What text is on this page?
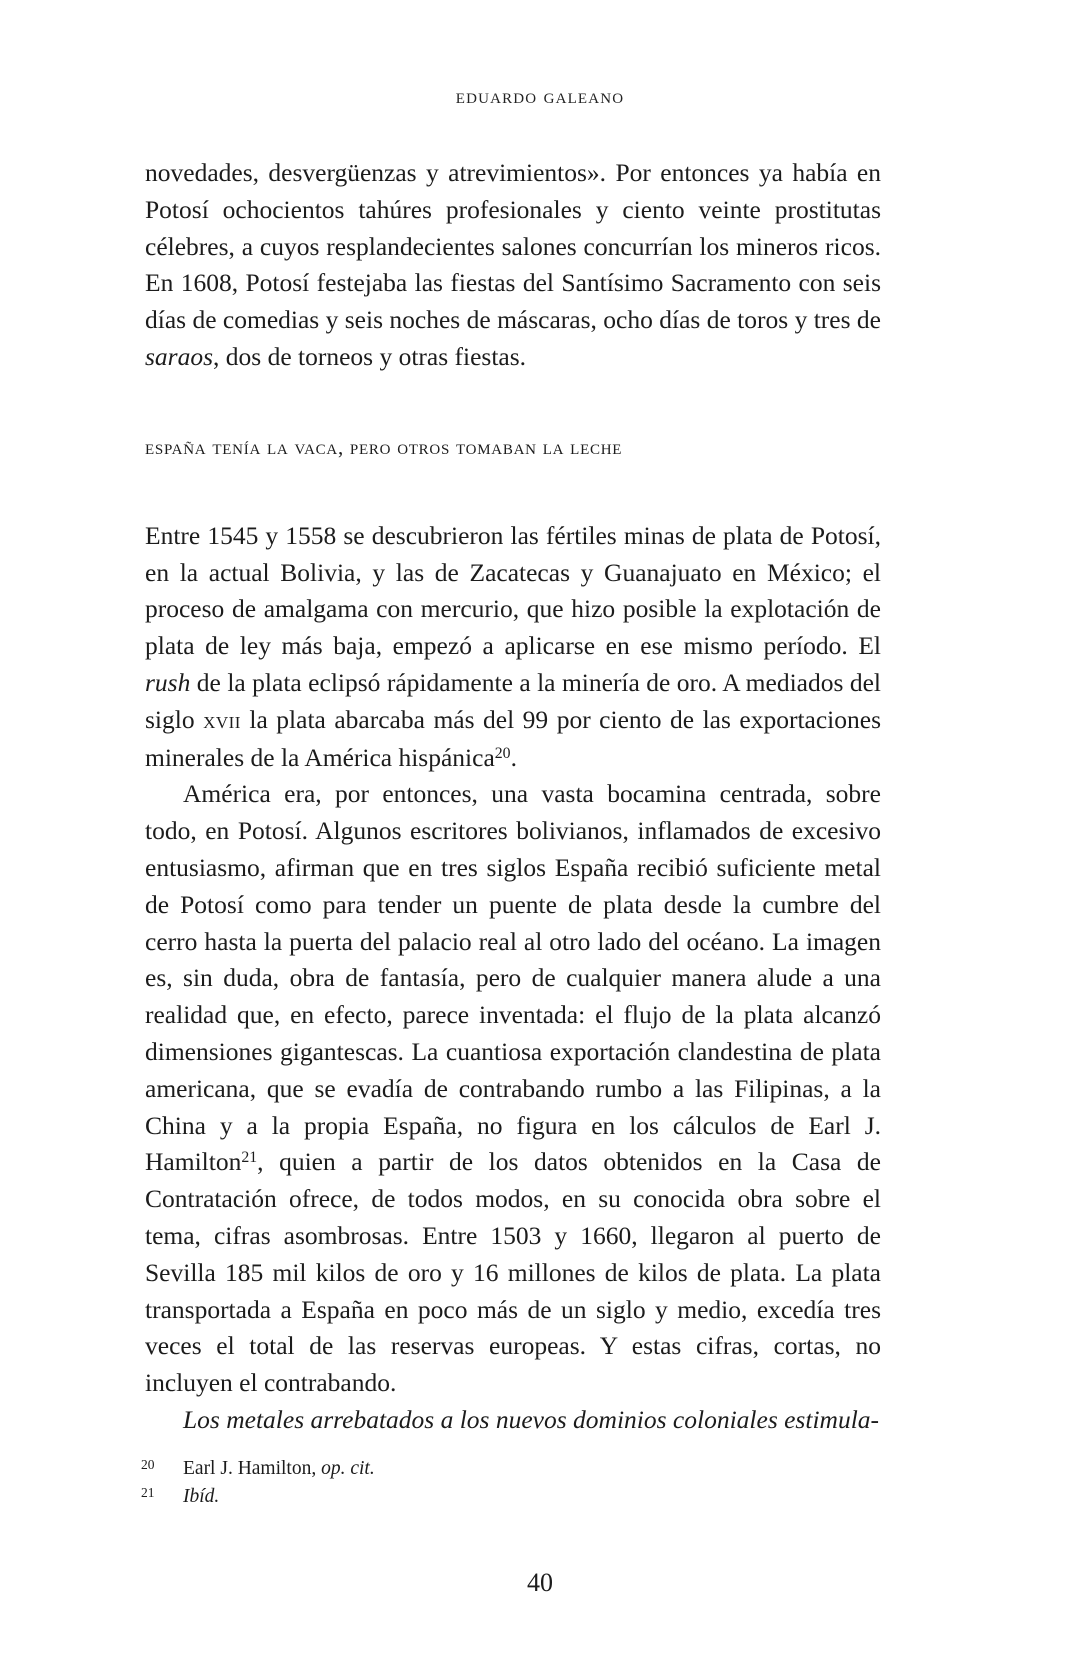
eduardo galeano

novedades, desvergüenzas y atrevimientos». Por entonces ya había en Potosí ochocientos tahúres profesionales y ciento veinte prostitutas célebres, a cuyos resplandecientes salones concurrían los mineros ricos. En 1608, Potosí festejaba las fiestas del Santísimo Sacramento con seis días de comedias y seis noches de máscaras, ocho días de toros y tres de saraos, dos de torneos y otras fiestas.

españa tenía la vaca, pero otros tomaban la leche

Entre 1545 y 1558 se descubrieron las fértiles minas de plata de Potosí, en la actual Bolivia, y las de Zacatecas y Guanajuato en México; el proceso de amalgama con mercurio, que hizo posible la explotación de plata de ley más baja, empezó a aplicarse en ese mismo período. El rush de la plata eclipsó rápidamente a la minería de oro. A mediados del siglo xvii la plata abarcaba más del 99 por ciento de las exportaciones minerales de la América hispánica$^{20}$.

América era, por entonces, una vasta bocamina centrada, sobre todo, en Potosí. Algunos escritores bolivianos, inflamados de excesivo entusiasmo, afirman que en tres siglos España recibió suficiente metal de Potosí como para tender un puente de plata desde la cumbre del cerro hasta la puerta del palacio real al otro lado del océano. La imagen es, sin duda, obra de fantasía, pero de cualquier manera alude a una realidad que, en efecto, parece inventada: el flujo de la plata alcanzó dimensiones gigantescas. La cuantiosa exportación clandestina de plata americana, que se evadía de contrabando rumbo a las Filipinas, a la China y a la propia España, no figura en los cálculos de Earl J. Hamilton$^{21}$, quien a partir de los datos obtenidos en la Casa de Contratación ofrece, de todos modos, en su conocida obra sobre el tema, cifras asombrosas. Entre 1503 y 1660, llegaron al puerto de Sevilla 185 mil kilos de oro y 16 millones de kilos de plata. La plata transportada a España en poco más de un siglo y medio, excedía tres veces el total de las reservas europeas. Y estas cifras, cortas, no incluyen el contrabando.

Los metales arrebatados a los nuevos dominios coloniales estimula-

20	Earl J. Hamilton, op. cit.
21	Ibíd.
40
